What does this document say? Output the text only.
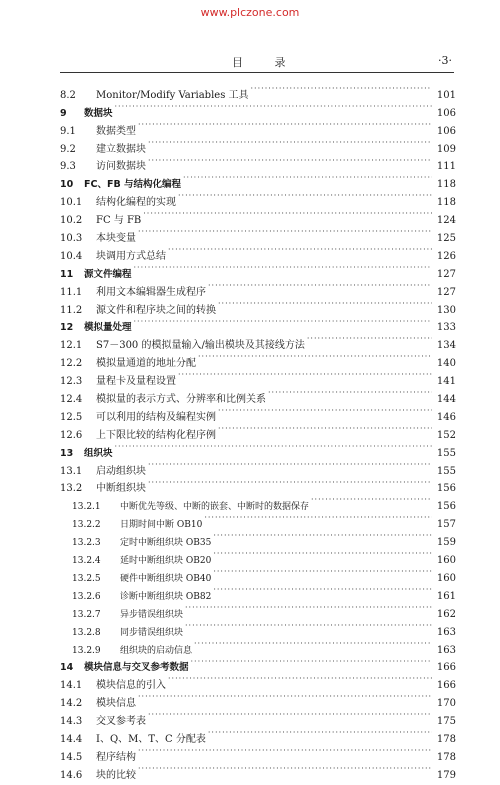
www.plczone.com
目 录	·3·
8.2	Monitor/Modify Variables 工具 ·····	101
9	数据块 ·····	106
9.1	数据类型 ·····	106
9.2	建立数据块 ·····	109
9.3	访问数据块 ·····	111
10	FC、FB 与结构化编程 ·····	118
10.1	结构化编程的实现 ·····	118
10.2	FC 与 FB ·····	124
10.3	本块变量 ·····	125
10.4	块调用方式总结 ·····	126
11	源文件编程 ·····	127
11.1	利用文本编辑器生成程序 ·····	127
11.2	源文件和程序块之间的转换 ·····	130
12	模拟量处理 ·····	133
12.1	S7－300 的模拟量输入/输出模块及其接线方法 ·····	134
12.2	模拟量通道的地址分配 ·····	140
12.3	量程卡及量程设置 ·····	141
12.4	模拟量的表示方式、分辨率和比例关系 ·····	144
12.5	可以利用的结构及编程实例 ·····	146
12.6	上下限比较的结构化程序例 ·····	152
13	组织块 ·····	155
13.1	启动组织块 ·····	155
13.2	中断组织块 ·····	156
13.2.1	中断优先等级、中断的嵌套、中断时的数据保存 ·····	156
13.2.2	日期时间中断 OB10 ·····	157
13.2.3	定时中断组织块 OB35 ·····	159
13.2.4	延时中断组织块 OB20 ·····	160
13.2.5	硬件中断组织块 OB40 ·····	160
13.2.6	诊断中断组织块 OB82 ·····	161
13.2.7	异步错误组织块 ·····	162
13.2.8	同步错误组织块 ·····	163
13.2.9	组织块的启动信息 ·····	163
14	模块信息与交叉参考数据 ·····	166
14.1	模块信息的引入 ·····	166
14.2	模块信息 ·····	170
14.3	交叉参考表 ·····	175
14.4	I、Q、M、T、C 分配表 ·····	178
14.5	程序结构 ·····	178
14.6	块的比较 ·····	179
